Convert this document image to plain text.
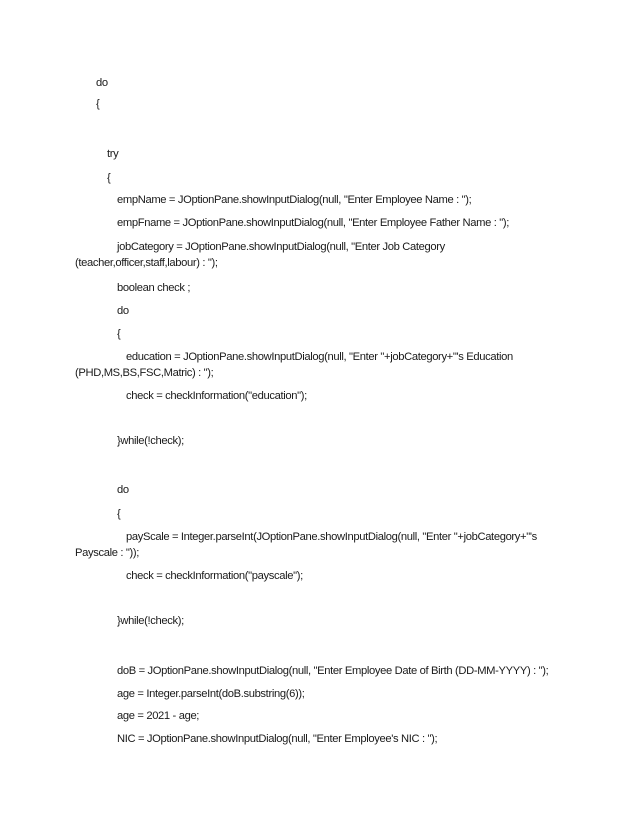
do
{
try
{
empName = JOptionPane.showInputDialog(null, "Enter Employee Name : ");
empFname = JOptionPane.showInputDialog(null, "Enter Employee Father Name : ");
jobCategory = JOptionPane.showInputDialog(null, "Enter Job Category
(teacher,officer,staff,labour) : ");
boolean check ;
do
{
education = JOptionPane.showInputDialog(null, "Enter "+jobCategory+"'s Education
(PHD,MS,BS,FSC,Matric) : ");
check = checkInformation("education");
}while(!check);
do
{
payScale = Integer.parseInt(JOptionPane.showInputDialog(null, "Enter "+jobCategory+"'s
Payscale : "));
check = checkInformation("payscale");
}while(!check);
doB = JOptionPane.showInputDialog(null, "Enter Employee Date of Birth (DD-MM-YYYY) : ");
age = Integer.parseInt(doB.substring(6));
age = 2021 - age;
NIC = JOptionPane.showInputDialog(null, "Enter Employee's NIC : ");
